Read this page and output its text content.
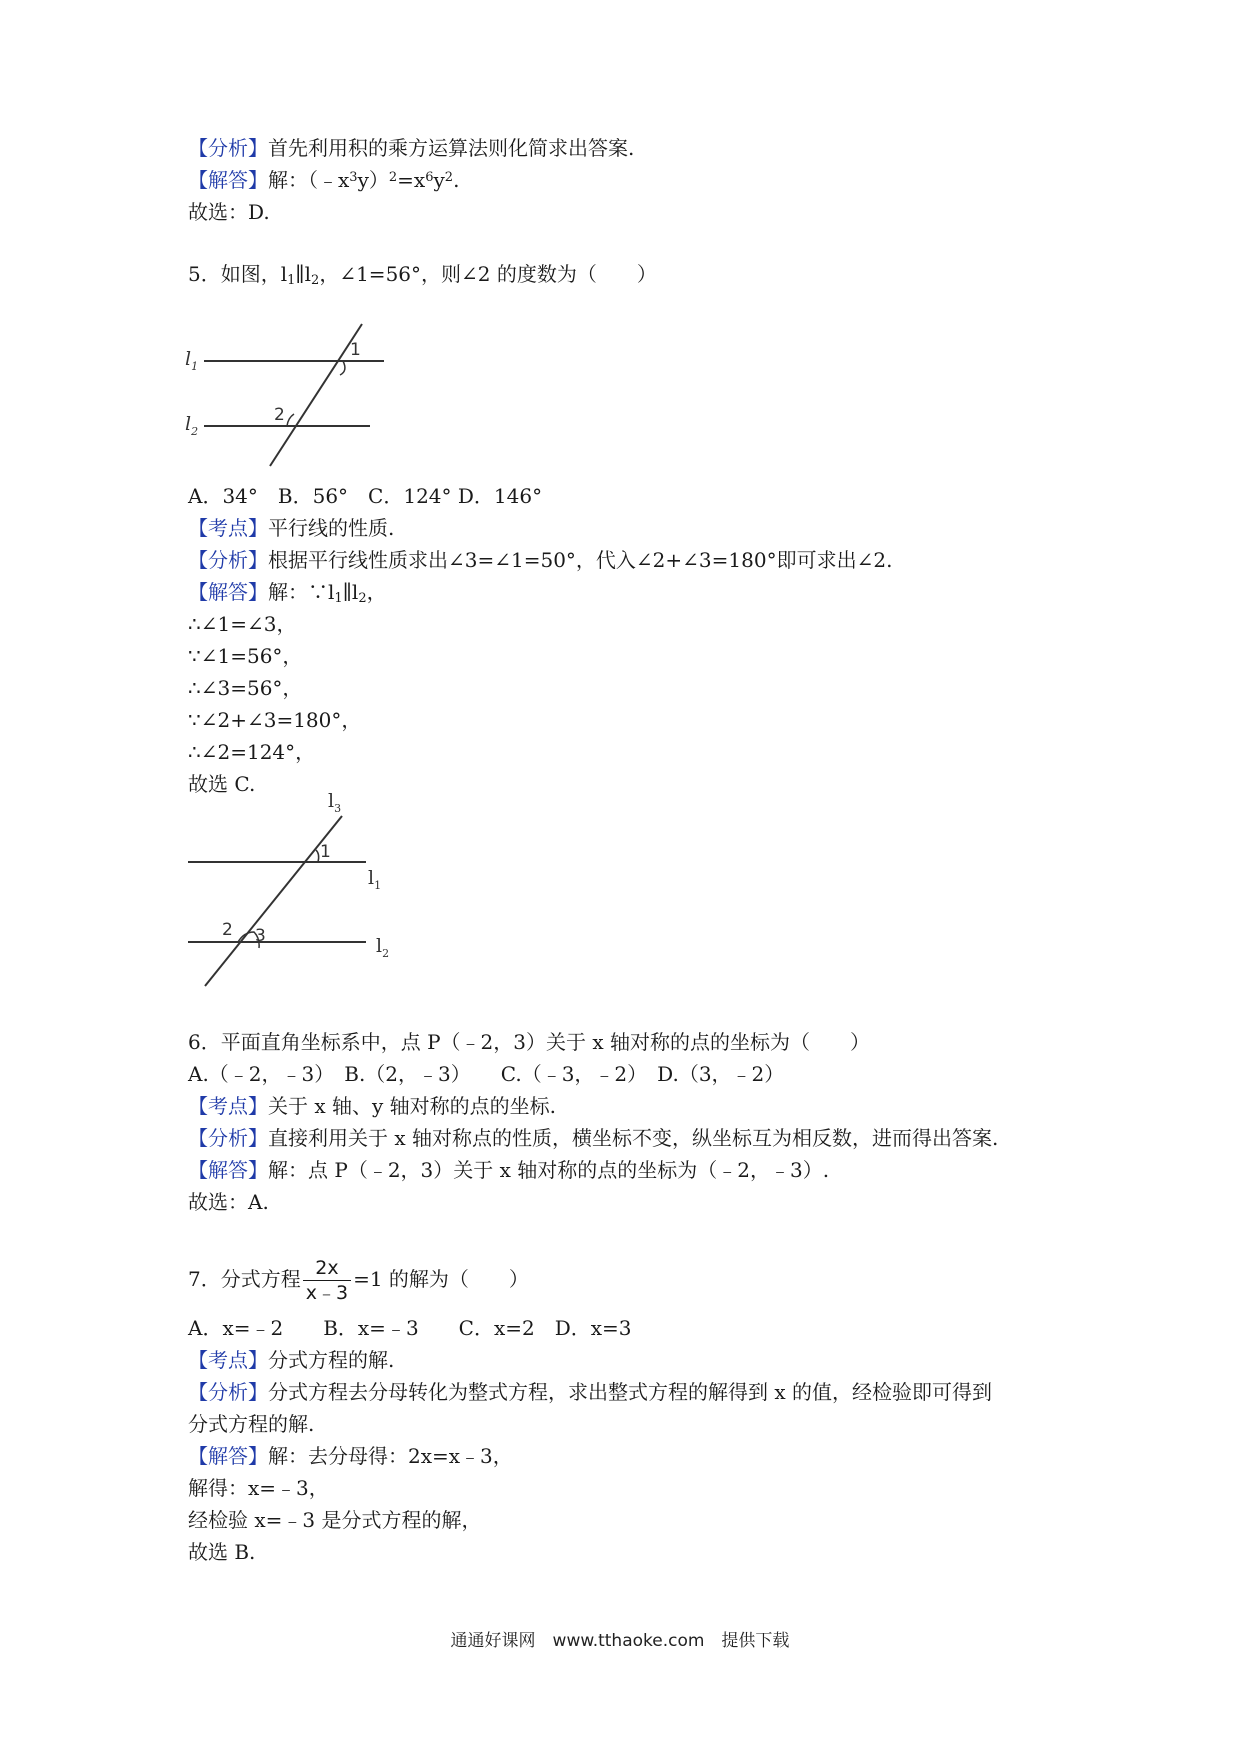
【分析】首先利用积的乘方运算法则化简求出答案.
【解答】解：$(﹣x^3y)^2=x^6y^2$.
故选：D.
5．如图，$l_1\parallel l_2$，∠1=56°，则∠2 的度数为（　　）
$l_1$
$l_2$
1
2
A．34°　B．56°　C．124° D．146°
【考点】平行线的性质.
【分析】根据平行线性质求出∠3=∠1=50°，代入∠2+∠3=180°即可求出∠2.
【解答】解：$\because l_1\parallel l_2$，
∴∠1=∠3，
∵∠1=56°，
∴∠3=56°，
∵∠2+∠3=180°，
∴∠2=124°，
故选 C.
$l_3$
$l_1$
$l_2$
1
2 3
6．平面直角坐标系中，点 P（﹣2，3）关于 x 轴对称的点的坐标为（　　）
A.（﹣2，﹣3）　B.（2，﹣3）　　C.（﹣3，﹣2）　D.（3，﹣2）
【考点】关于 x 轴、y 轴对称的点的坐标.
【分析】直接利用关于 x 轴对称点的性质，横坐标不变，纵坐标互为相反数，进而得出答案.
【解答】解：点 P（﹣2，3）关于 x 轴对称的点的坐标为（﹣2，﹣3）.
故选：A.
7．分式方程 $\frac{2x}{x﹣3} =1$ 的解为（　　）
A．x=﹣2　　B．x=﹣3　　C．x=2　D．x=3
【考点】分式方程的解.
【分析】分式方程去分母转化为整式方程，求出整式方程的解得到 x 的值，经检验即可得到
分式方程的解.
【解答】解：去分母得：2x=x﹣3，
解得：x=﹣3，
经检验 x=﹣3 是分式方程的解，
故选 B.
通通好课网　www.tthaoke.com　提供下载
